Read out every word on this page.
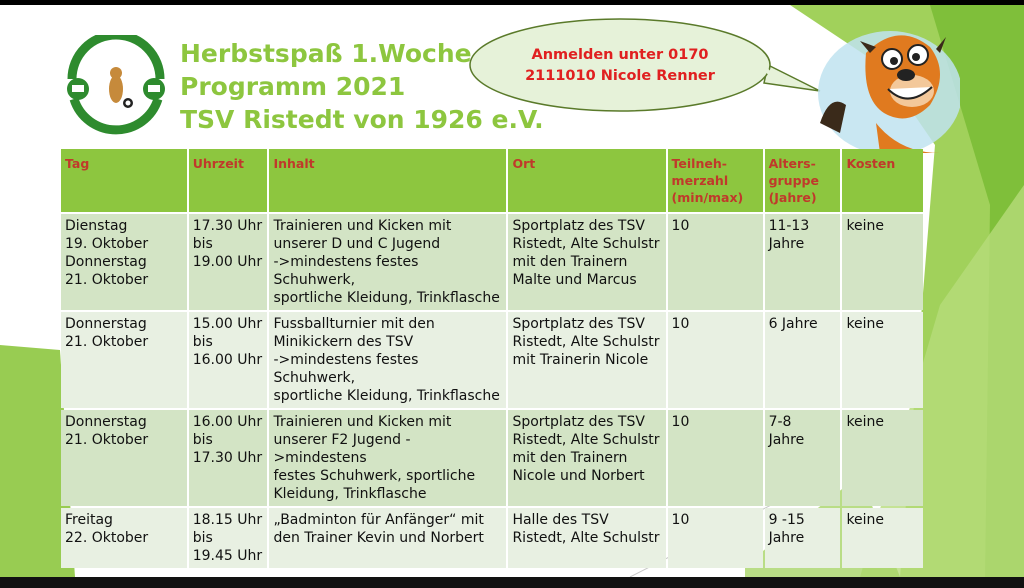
Herbstspaß 1.Woche
Programm 2021
TSV Ristedt von 1926 e.V.
Anmelden unter 0170
2111010 Nicole Renner
Tag	Uhrzeit	Inhalt	Ort	Teilneh-
merzahl
(min/max)	Alters-
gruppe
(Jahre)	Kosten
Dienstag
19. Oktober
Donnerstag
21. Oktober	17.30 Uhr
bis
19.00 Uhr	Trainieren und Kicken mit
unserer D und C Jugend
->mindestens festes Schuhwerk,
sportliche Kleidung, Trinkflasche	Sportplatz des TSV
Ristedt, Alte Schulstr
mit den Trainern
Malte und Marcus	10	11-13
Jahre	keine
Donnerstag
21. Oktober	15.00 Uhr
bis
16.00 Uhr	Fussballturnier mit den
Minikickern des TSV
->mindestens festes Schuhwerk,
sportliche Kleidung, Trinkflasche	Sportplatz des TSV
Ristedt, Alte Schulstr
mit Trainerin Nicole	10	6 Jahre	keine
Donnerstag
21. Oktober	16.00 Uhr
bis
17.30 Uhr	Trainieren und Kicken mit
unserer F2 Jugend ->mindestens
festes Schuhwerk, sportliche
Kleidung, Trinkflasche	Sportplatz des TSV
Ristedt, Alte Schulstr
mit den Trainern
Nicole und Norbert	10	7-8
Jahre	keine
Freitag
22. Oktober	18.15 Uhr
bis
19.45 Uhr	„Badminton für Anfänger“ mit
den Trainer Kevin und Norbert	Halle des TSV
Ristedt, Alte Schulstr	10	9 -15
Jahre	keine
